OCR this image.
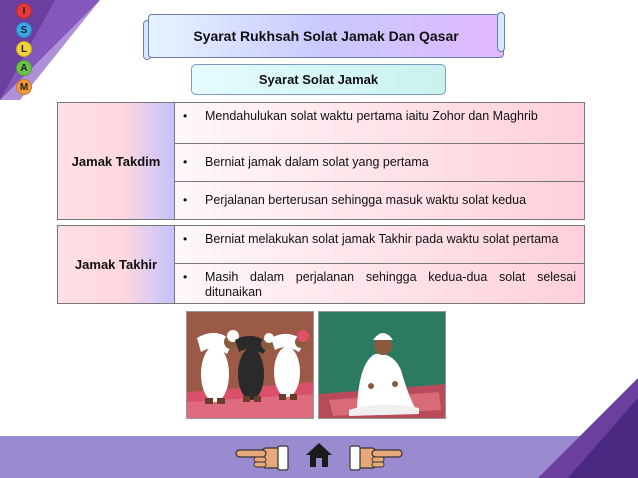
I
S
L
A
M
Syarat Rukhsah Solat Jamak Dan Qasar
Syarat Solat Jamak
Jamak Takdim
•	Mendahulukan solat waktu pertama iaitu Zohor dan Maghrib
•	Berniat jamak dalam solat yang pertama
•	Perjalanan berterusan sehingga masuk waktu solat kedua
Jamak Takhir
•	Berniat melakukan solat jamak Takhir pada waktu solat pertama
•	Masih dalam perjalanan sehingga kedua-dua solat selesai ditunaikan
